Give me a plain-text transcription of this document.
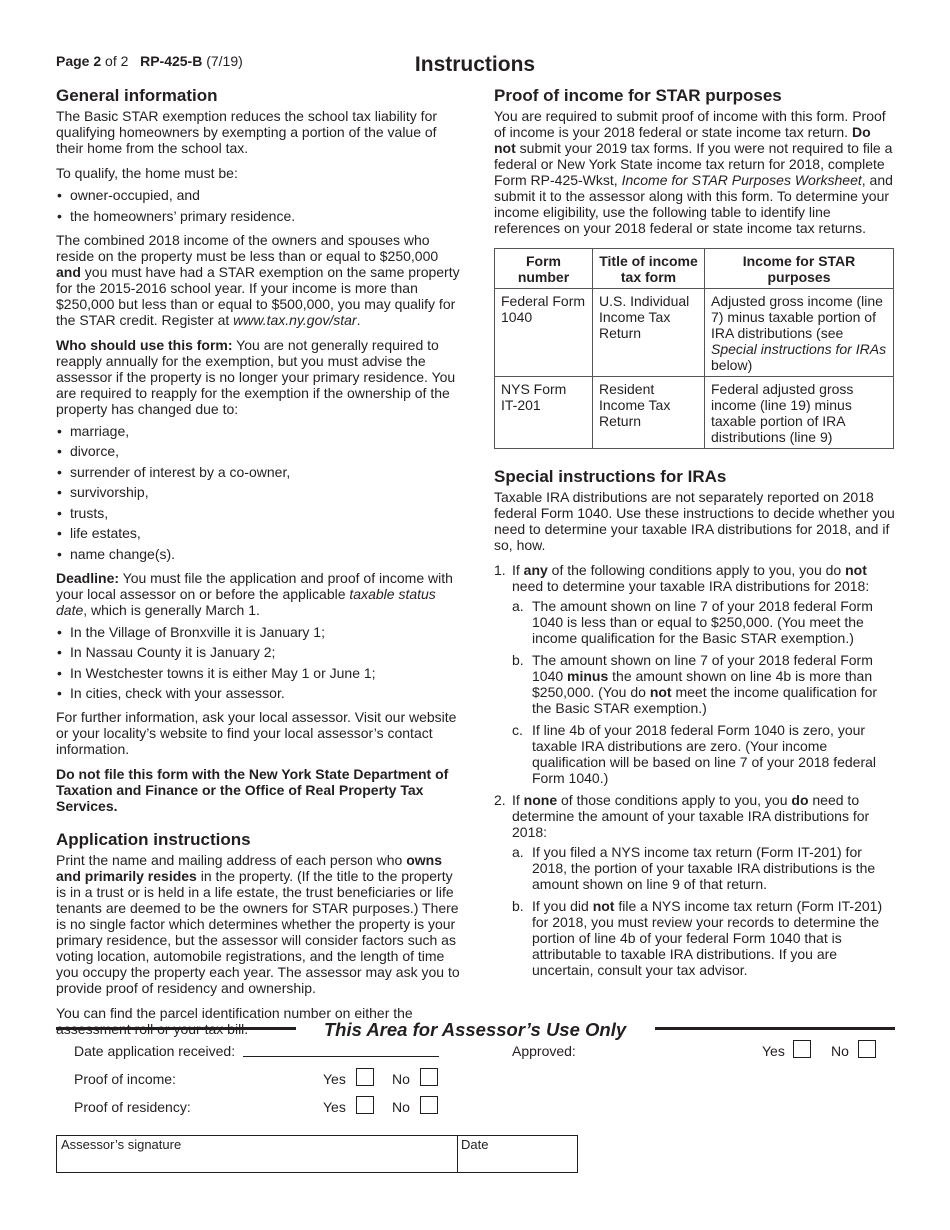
Page 2 of 2 RP-425-B (7/19)	Instructions
General information

The Basic STAR exemption reduces the school tax liability for qualifying homeowners by exempting a portion of the value of their home from the school tax.

To qualify, the home must be:

• owner-occupied, and
• the homeowners’ primary residence.

The combined 2018 income of the owners and spouses who reside on the property must be less than or equal to $250,000 and you must have had a STAR exemption on the same property for the 2015-2016 school year. If your income is more than $250,000 but less than or equal to $500,000, you may qualify for the STAR credit. Register at www.tax.ny.gov/star.

Who should use this form: You are not generally required to reapply annually for the exemption, but you must advise the assessor if the property is no longer your primary residence. You are required to reapply for the exemption if the ownership of the property has changed due to:

• marriage,
• divorce,
• surrender of interest by a co-owner,
• survivorship,
• trusts,
• life estates,
• name change(s).

Deadline: You must file the application and proof of income with your local assessor on or before the applicable taxable status date, which is generally March 1.

• In the Village of Bronxville it is January 1;
• In Nassau County it is January 2;
• In Westchester towns it is either May 1 or June 1;
• In cities, check with your assessor.

For further information, ask your local assessor. Visit our website or your locality’s website to find your local assessor’s contact information.

Do not file this form with the New York State Department of Taxation and Finance or the Office of Real Property Tax Services.

Application instructions

Print the name and mailing address of each person who owns and primarily resides in the property. (If the title to the property is in a trust or is held in a life estate, the trust beneficiaries or life tenants are deemed to be the owners for STAR purposes.) There is no single factor which determines whether the property is your primary residence, but the assessor will consider factors such as voting location, automobile registrations, and the length of time you occupy the property each year. The assessor may ask you to provide proof of residency and ownership.

You can find the parcel identification number on either the

Proof of income for STAR purposes

You are required to submit proof of income with this form. Proof of income is your 2018 federal or state income tax return. Do not submit your 2019 tax forms. If you were not required to file a federal or New York State income tax return for 2018, complete Form RP-425-Wkst, Income for STAR Purposes Worksheet, and submit it to the assessor along with this form. To determine your income eligibility, use the following table to identify line references on your 2018 federal or state income tax returns.

Form number	Title of income tax form	Income for STAR purposes
Federal Form 1040	U.S. Individual Income Tax Return	Adjusted gross income (line 7) minus taxable portion of IRA distributions (see Special instructions for IRAs below)
NYS Form IT-201	Resident Income Tax Return	Federal adjusted gross income (line 19) minus taxable portion of IRA distributions (line 9)
Special instructions for IRAs

Taxable IRA distributions are not separately reported on 2018 federal Form 1040. Use these instructions to decide whether you need to determine your taxable IRA distributions for 2018, and if so, how.

1. If any of the following conditions apply to you, you do not need to determine your taxable IRA distributions for 2018:
a. The amount shown on line 7 of your 2018 federal Form 1040 is less than or equal to $250,000. (You meet the income qualification for the Basic STAR exemption.)
b. The amount shown on line 7 of your 2018 federal Form 1040 minus the amount shown on line 4b is more than $250,000. (You do not meet the income qualification for the Basic STAR exemption.)
c. If line 4b of your 2018 federal Form 1040 is zero, your taxable IRA distributions are zero. (Your income qualification will be based on line 7 of your 2018 federal Form 1040.)
2. If none of those conditions apply to you, you do need to determine the amount of your taxable IRA distributions for 2018:
a. If you filed a NYS income tax return (Form IT-201) for 2018, the portion of your taxable IRA distributions is the amount shown on line 9 of that return.
b. If you did not file a NYS income tax return (Form IT-201) for 2018, you must review your records to determine the portion of line 4b of your federal Form 1040 that is attributable to taxable IRA distributions. If you are uncertain, consult your tax advisor.
This Area for Assessor’s Use Only
Date application received:	Approved:	Yes	No
Proof of income:	Yes	No
Proof of residency:	Yes	No
Assessor’s signature	Date
